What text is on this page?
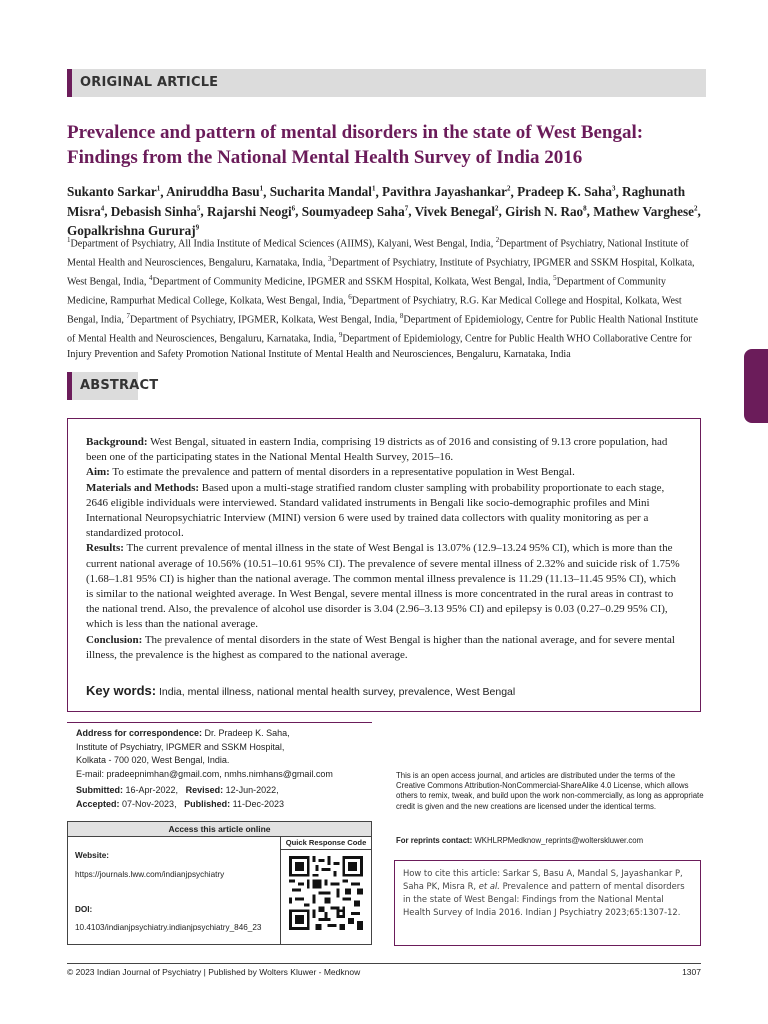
ORIGINAL ARTICLE
Prevalence and pattern of mental disorders in the state of West Bengal: Findings from the National Mental Health Survey of India 2016
Sukanto Sarkar$^1$, Aniruddha Basu$^1$, Sucharita Mandal$^1$, Pavithra Jayashankar$^2$, Pradeep K. Saha$^3$, Raghunath Misra$^4$, Debasish Sinha$^5$, Rajarshi Neogi$^6$, Soumyadeep Saha$^7$, Vivek Benegal$^2$, Girish N. Rao$^8$, Mathew Varghese$^2$, Gopalkrishna Gururaj$^9$
$^1$Department of Psychiatry, All India Institute of Medical Sciences (AIIMS), Kalyani, West Bengal, India, $^2$Department of Psychiatry, National Institute of Mental Health and Neurosciences, Bengaluru, Karnataka, India, $^3$Department of Psychiatry, Institute of Psychiatry, IPGMER and SSKM Hospital, Kolkata, West Bengal, India, $^4$Department of Community Medicine, IPGMER and SSKM Hospital, Kolkata, West Bengal, India, $^5$Department of Community Medicine, Rampurhat Medical College, Kolkata, West Bengal, India, $^6$Department of Psychiatry, R.G. Kar Medical College and Hospital, Kolkata, West Bengal, India, $^7$Department of Psychiatry, IPGMER, Kolkata, West Bengal, India, $^8$Department of Epidemiology, Centre for Public Health National Institute of Mental Health and Neurosciences, Bengaluru, Karnataka, India, $^9$Department of Epidemiology, Centre for Public Health WHO Collaborative Centre for Injury Prevention and Safety Promotion National Institute of Mental Health and Neurosciences, Bengaluru, Karnataka, India
ABSTRACT

Background: West Bengal, situated in eastern India, comprising 19 districts as of 2016 and consisting of 9.13 crore population, had been one of the participating states in the National Mental Health Survey, 2015–16.

Aim: To estimate the prevalence and pattern of mental disorders in a representative population in West Bengal.

Materials and Methods: Based upon a multi-stage stratified random cluster sampling with probability proportionate to each stage, 2646 eligible individuals were interviewed. Standard validated instruments in Bengali like socio-demographic profiles and Mini International Neuropsychiatric Interview (MINI) version 6 were used by trained data collectors with quality monitoring as per a standardized protocol.

Results: The current prevalence of mental illness in the state of West Bengal is 13.07% (12.9–13.24 95% CI), which is more than the current national average of 10.56% (10.51–10.61 95% CI). The prevalence of severe mental illness of 2.32% and suicide risk of 1.75% (1.68–1.81 95% CI) is higher than the national average. The common mental illness prevalence is 11.29 (11.13–11.45 95% CI), which is similar to the national weighted average. In West Bengal, severe mental illness is more concentrated in the rural areas in contrast to the national trend. Also, the prevalence of alcohol use disorder is 3.04 (2.96–3.13 95% CI) and epilepsy is 0.03 (0.27–0.29 95% CI), which is less than the national average.

Conclusion: The prevalence of mental disorders in the state of West Bengal is higher than the national average, and for severe mental illness, the prevalence is the highest as compared to the national average.

Key words: India, mental illness, national mental health survey, prevalence, West Bengal
Address for correspondence: Dr. Pradeep K. Saha,
Institute of Psychiatry, IPGMER and SSKM Hospital,
Kolkata - 700 020, West Bengal, India.
E-mail: pradeepnimhan@gmail.com, nmhs.nimhans@gmail.com
Submitted: 16-Apr-2022, Revised: 12-Jun-2022,
Accepted: 07-Nov-2023, Published: 11-Dec-2023
Access this article online
Website:
https://journals.lww.com/indianjpsychiatry
DOI:
10.4103/indianjpsychiatry.indianjpsychiatry_846_23
Quick Response Code
This is an open access journal, and articles are distributed under the terms of the Creative Commons Attribution-NonCommercial-ShareAlike 4.0 License, which allows others to remix, tweak, and build upon the work non-commercially, as long as appropriate credit is given and the new creations are licensed under the identical terms.
For reprints contact: WKHLRPMedknow_reprints@wolterskluwer.com
How to cite this article: Sarkar S, Basu A, Mandal S, Jayashankar P, Saha PK, Misra R, et al. Prevalence and pattern of mental disorders in the state of West Bengal: Findings from the National Mental Health Survey of India 2016. Indian J Psychiatry 2023;65:1307-12.
© 2023 Indian Journal of Psychiatry | Published by Wolters Kluwer - Medknow	1307
